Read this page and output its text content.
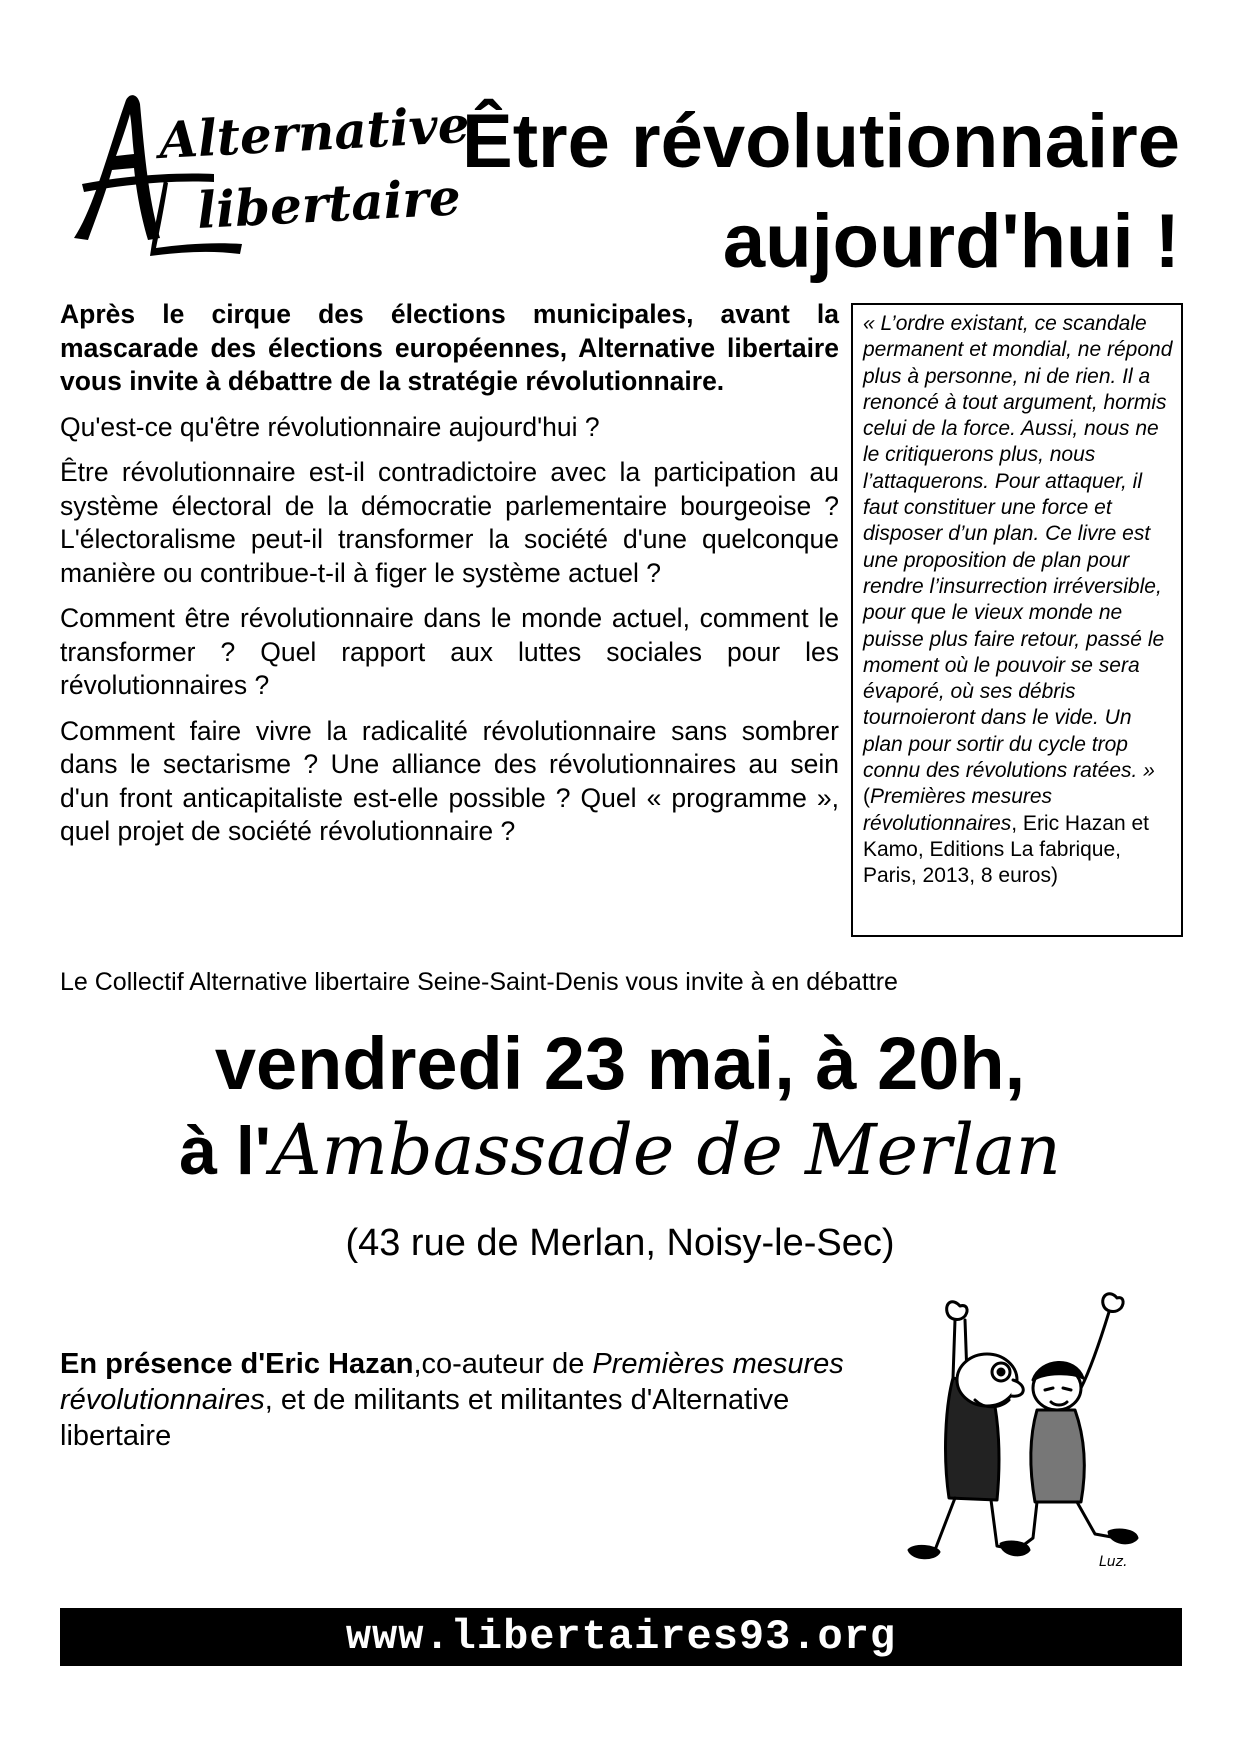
Alternative
libertaire
Être révolutionnaire
aujourd'hui !

Après le cirque des élections municipales, avant la mascarade des élections européennes, Alternative libertaire vous invite à débattre de la stratégie révolutionnaire.

Qu'est-ce qu'être révolutionnaire aujourd'hui ?

Être révolutionnaire est-il contradictoire avec la participation au système électoral de la démocratie parlementaire bourgeoise ? L'électoralisme peut-il transformer la société d'une quelconque manière ou contribue-t-il à figer le système actuel ?

Comment être révolutionnaire dans le monde actuel, comment le transformer ? Quel rapport aux luttes sociales pour les révolutionnaires ?

Comment faire vivre la radicalité révolutionnaire sans sombrer dans le sectarisme ? Une alliance des révolutionnaires au sein d'un front anticapitaliste est-elle possible ? Quel « programme », quel projet de société révolutionnaire ?

« L’ordre existant, ce scandale permanent et mondial, ne répond plus à personne, ni de rien. Il a renoncé à tout argument, hormis celui de la force. Aussi, nous ne le critiquerons plus, nous l’attaquerons. Pour attaquer, il faut constituer une force et disposer d’un plan. Ce livre est une proposition de plan pour rendre l’insurrection irréversible, pour que le vieux monde ne puisse plus faire retour, passé le moment où le pouvoir se sera évaporé, où ses débris tournoieront dans le vide. Un plan pour sortir du cycle trop connu des révolutions ratées. » (Premières mesures révolutionnaires, Eric Hazan et Kamo, Editions La fabrique, Paris, 2013, 8 euros)
Le Collectif Alternative libertaire Seine-Saint-Denis vous invite à en débattre
vendredi 23 mai, à 20h,
à l'Ambassade de Merlan
(43 rue de Merlan, Noisy-le-Sec)
En présence d'Eric Hazan,co-auteur de Premières mesures révolutionnaires, et de militants et militantes d'Alternative libertaire
Luz.
www.libertaires93.org
